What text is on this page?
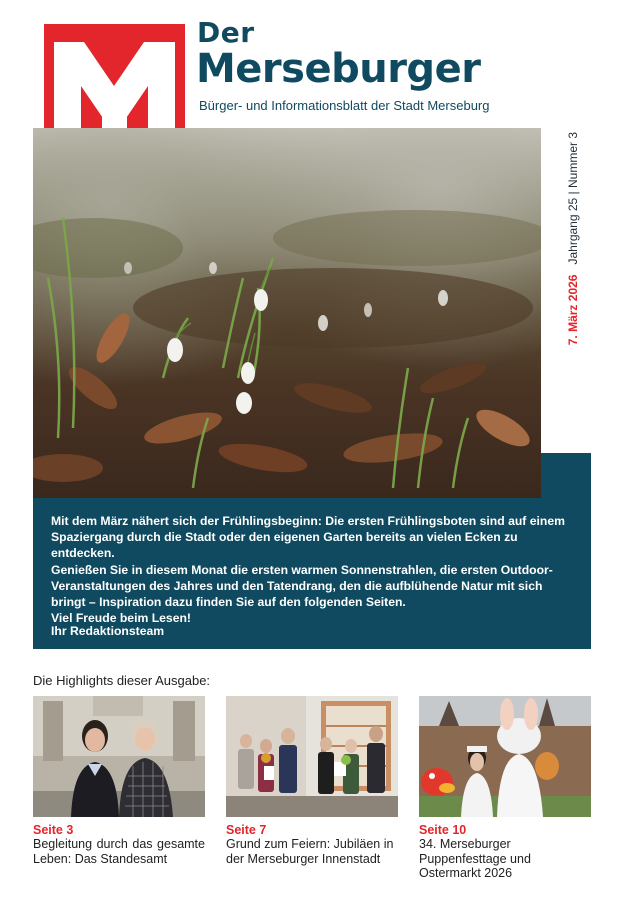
Der
Merseburger
Bürger- und Informationsblatt der Stadt Merseburg
7. März 2026   Jahrgang 25 | Nummer 3

Mit dem März nähert sich der Frühlingsbeginn: Die ersten Frühlingsboten sind auf einem Spaziergang durch die Stadt oder den eigenen Garten bereits an vielen Ecken zu entdecken.

Genießen Sie in diesem Monat die ersten warmen Sonnenstrahlen, die ersten Outdoor-Veranstaltungen des Jahres und den Tatendrang, den die aufblühende Natur mit sich bringt – Inspiration dazu finden Sie auf den folgenden Seiten.

Viel Freude beim Lesen!

Ihr Redaktionsteam
Die Highlights dieser Ausgabe:
Seite 3
Begleitung durch das gesamte Leben: Das Standesamt
Seite 7
Grund zum Feiern: Jubiläen in der Merseburger Innenstadt
Seite 10
34. Merseburger Puppenfesttage und Ostermarkt 2026
